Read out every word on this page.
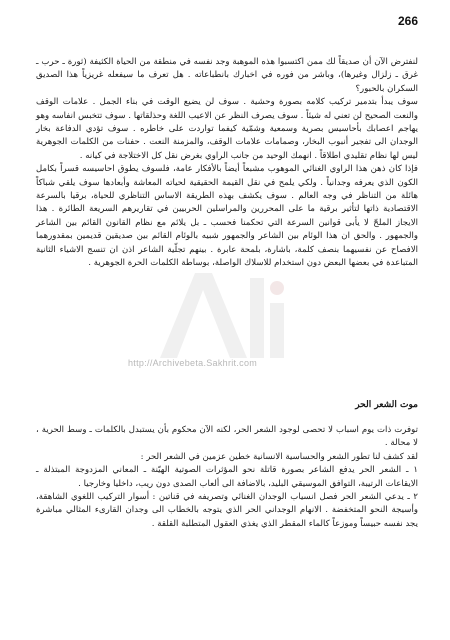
266

لنفترض الآن أن صديقاً لك ممن اكتسبوا هذه الموهبة وجد نفسه في منطقة من الحياة الكثيفة (ثورة ـ حرب ـ غرق ـ زلزال وغيرها)، وباشر من فوره في اخبارك بانطباعاته . هل تعرف ما سيفعله غريزياً هذا الصديق السكران بالحبور؟

سوف يبدأ بتدمير تركيب كلامه بصورة وحشية . سوف لن يضيع الوقت في بناء الجمل . علامات الوقف والنعت الصحيح لن تعني له شيئاً . سوف يصرف النظر عن الاعيب اللغة وحذلقاتها . سوف تتخبس انفاسه وهو يهاجم اعصابك بأحاسيس بصرية وسمعية وشمّية كيفما تواردت على خاطره . سوف تؤدي الدفاعة بخار الوجدان الى تفجير أنبوب البخار، وصمامات علامات الوقف، والمزمنة النعت . حفنات من الكلمات الجوهرية ليس لها نظام تقليدي اطلاقاً . انهمك الوحيد من جانب الراوي بغرض نقل كل الاختلاجة في كيانه .

فإذا كان ذهن هذا الراوي الغنائي الموهوب مشبعاً أيضاً بالأفكار عامة، فلسوف يطوق احاسيسه قسراً بكامل الكون الذي يعرفه وجدانياً . ولكي يلمح في نقل القيمة الحقيقية لحياته المعاشة وأبعادها سوف يلقي شباكاً هائلة من التناظر في وجه العالم . سوف يكشف بهذه الطريقة الاساس التناظري للحياة، برقيا بالسرعة الاقتصادية ذاتها لتأثير برقية ما على المحررين والمراسلين الحربيين في تقاريرهم السريعة الطائرة . هذا الايجاز الملحّ لا يأبى قوانين السرعة التي تحكمنا فحسب ـ بل يلائم مع نظام القانون القائم بين الشاعر والجمهور . والحق ان هذا الوئام بين الشاعر والجمهور شبيه بالوئام القائم بين صديقين قديمين بمقدورهما الافصاح عن نفسيهما بنصف كلمة، باشارة، بلمحة عابرة . بينهم تجلّية الشاعر اذن ان تنسج الاشياء الثانية المتباعدة في بعضها البعض دون استخدام للاسلاك الواصلة، بوساطة الكلمات الحرة الجوهرية .

موت الشعر الحر

توفرت ذات يوم اسباب لا تحصى لوجود الشعر الحر، لكنه الآن محكوم بأن يستبدل بالكلمات ـ وسط الحرية ، لا محالة .

لقد كشف لنا تطور الشعر والحساسية الانسانية خطين عزمين في الشعر الحر :

١ ـ الشعر الحر يدفع الشاعر بصورة قاتلة نحو المؤثرات الصوتية الهيّنة ـ المعاني المزدوجة المبتذلة ـ الايقاعات الرتيبة، التوافق الموسيقي البليد، بالاضافة الى ألعاب الصدى دون ريب، داخليا وخارجيا .

٢ ـ يدعي الشعر الحر فصل انسياب الوجدان الغنائي وتصريفه في قناتين : أسوار التركيب اللغوي الشاهقة، وأسيجة النحو المتخفضة . الانهام الوجداني الحر الذي يتوجه بالخطاب الى وجدان القارىء المثالي مباشرة يجد نفسه حبيساً وموزعاً كالماء المقطر الذي يغذي العقول المتطلبة القلقة .

http://Archivebeta.Sakhrit.com
